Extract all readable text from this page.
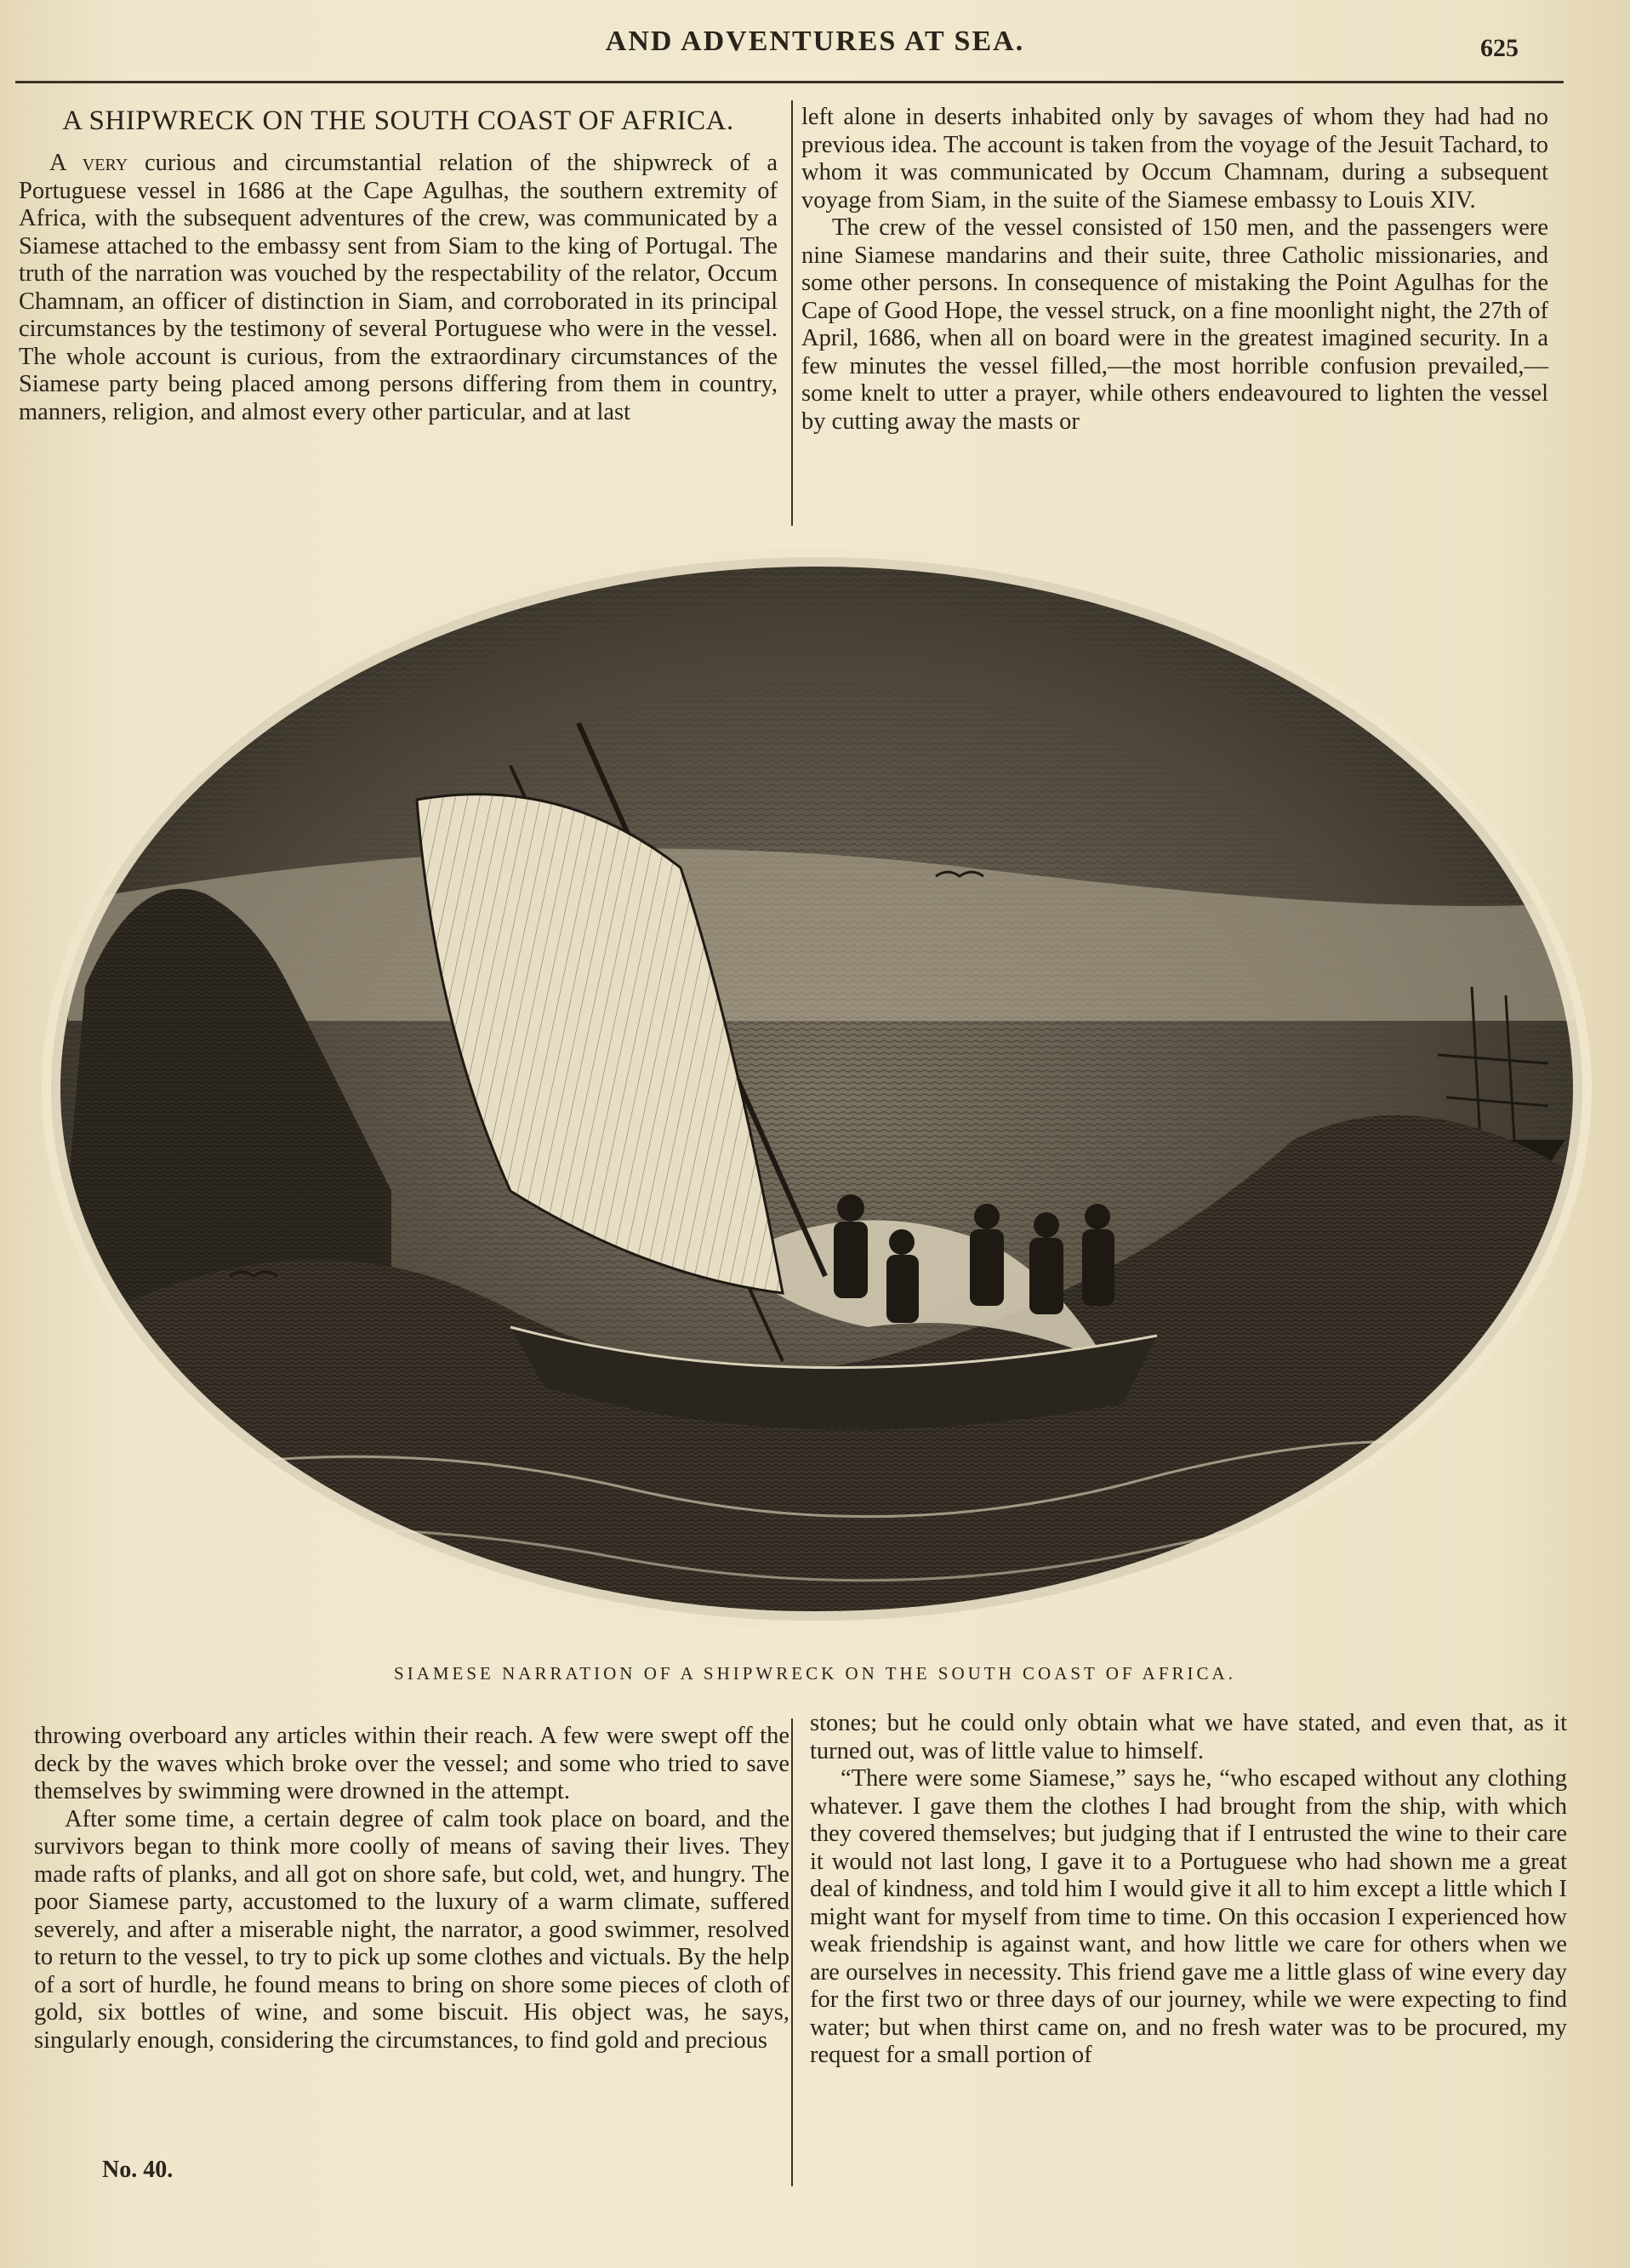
AND ADVENTURES AT SEA.	625
A SHIPWRECK ON THE SOUTH COAST OF AFRICA.

A very curious and circumstantial relation of the shipwreck of a Portuguese vessel in 1686 at the Cape Agulhas, the southern extremity of Africa, with the subsequent adventures of the crew, was communicated by a Siamese attached to the embassy sent from Siam to the king of Portugal. The truth of the narration was vouched by the respectability of the relator, Occum Chamnam, an officer of distinction in Siam, and corroborated in its principal circumstances by the testimony of several Portuguese who were in the vessel. The whole account is curious, from the extraordinary circumstances of the Siamese party being placed among persons differing from them in country, manners, religion, and almost every other particular, and at last

left alone in deserts inhabited only by savages of whom they had had no previous idea. The account is taken from the voyage of the Jesuit Tachard, to whom it was communicated by Occum Chamnam, during a subsequent voyage from Siam, in the suite of the Siamese embassy to Louis XIV.

The crew of the vessel consisted of 150 men, and the passengers were nine Siamese mandarins and their suite, three Catholic missionaries, and some other persons. In consequence of mistaking the Point Agulhas for the Cape of Good Hope, the vessel struck, on a fine moonlight night, the 27th of April, 1686, when all on board were in the greatest imagined security. In a few minutes the vessel filled,—the most horrible confusion prevailed,—some knelt to utter a prayer, while others endeavoured to lighten the vessel by cutting away the masts or

SIAMESE NARRATION OF A SHIPWRECK ON THE SOUTH COAST OF AFRICA.

throwing overboard any articles within their reach. A few were swept off the deck by the waves which broke over the vessel; and some who tried to save themselves by swimming were drowned in the attempt.

After some time, a certain degree of calm took place on board, and the survivors began to think more coolly of means of saving their lives. They made rafts of planks, and all got on shore safe, but cold, wet, and hungry. The poor Siamese party, accustomed to the luxury of a warm climate, suffered severely, and after a miserable night, the narrator, a good swimmer, resolved to return to the vessel, to try to pick up some clothes and victuals. By the help of a sort of hurdle, he found means to bring on shore some pieces of cloth of gold, six bottles of wine, and some biscuit. His object was, he says, singularly enough, considering the circumstances, to find gold and precious

stones; but he could only obtain what we have stated, and even that, as it turned out, was of little value to himself.

“There were some Siamese,” says he, “who escaped without any clothing whatever. I gave them the clothes I had brought from the ship, with which they covered themselves; but judging that if I entrusted the wine to their care it would not last long, I gave it to a Portuguese who had shown me a great deal of kindness, and told him I would give it all to him except a little which I might want for myself from time to time. On this occasion I experienced how weak friendship is against want, and how little we care for others when we are ourselves in necessity. This friend gave me a little glass of wine every day for the first two or three days of our journey, while we were expecting to find water; but when thirst came on, and no fresh water was to be procured, my request for a small portion of

No. 40.
